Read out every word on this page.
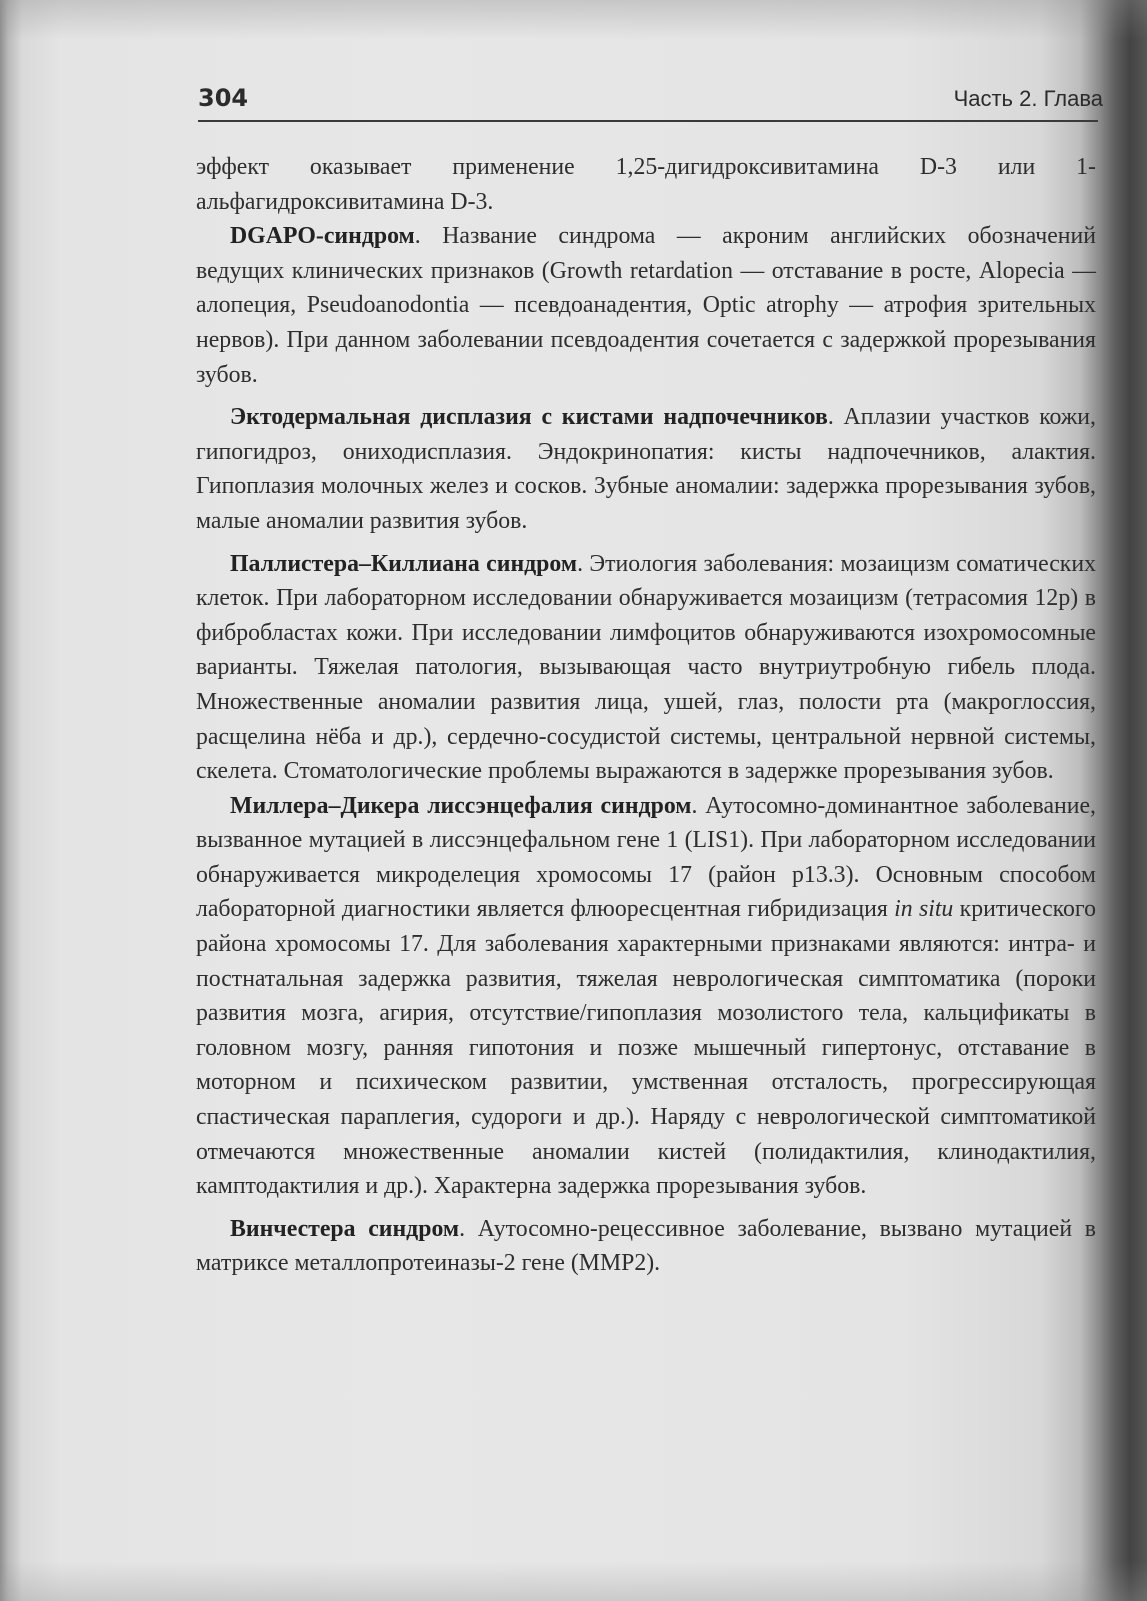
304	Часть 2. Глава

эффект оказывает применение 1,25-дигидроксивитамина D-3 или 1-альфагидроксивитамина D-3.

DGAPO-синдром. Название синдрома — акроним английских обозначений ведущих клинических признаков (Growth retardation — отставание в росте, Alopecia — алопеция, Pseudoanodontia — псевдоанадентия, Optic atrophy — атрофия зрительных нервов). При данном заболевании псевдоадентия сочетается с задержкой прорезывания зубов.

Эктодермальная дисплазия с кистами надпочечников. Аплазии участков кожи, гипогидроз, ониходисплазия. Эндокринопатия: кисты надпочечников, алактия. Гипоплазия молочных желез и сосков. Зубные аномалии: задержка прорезывания зубов, малые аномалии развития зубов.

Паллистера–Киллиана синдром. Этиология заболевания: мозаицизм соматических клеток. При лабораторном исследовании обнаруживается мозаицизм (тетрасомия 12р) в фибробластах кожи. При исследовании лимфоцитов обнаруживаются изохромосомные варианты. Тяжелая патология, вызывающая часто внутриутробную гибель плода. Множественные аномалии развития лица, ушей, глаз, полости рта (макроглоссия, расщелина нёба и др.), сердечно-сосудистой системы, центральной нервной системы, скелета. Стоматологические проблемы выражаются в задержке прорезывания зубов.

Миллера–Дикера лиссэнцефалия синдром. Аутосомно-доминантное заболевание, вызванное мутацией в лиссэнцефальном гене 1 (LIS1). При лабораторном исследовании обнаруживается микроделеция хромосомы 17 (район р13.3). Основным способом лабораторной диагностики является флюоресцентная гибридизация in situ критического района хромосомы 17. Для заболевания характерными признаками являются: интра- и постнатальная задержка развития, тяжелая неврологическая симптоматика (пороки развития мозга, агирия, отсутствие/гипоплазия мозолистого тела, кальцификаты в головном мозгу, ранняя гипотония и позже мышечный гипертонус, отставание в моторном и психическом развитии, умственная отсталость, прогрессирующая спастическая параплегия, судороги и др.). Наряду с неврологической симптоматикой отмечаются множественные аномалии кистей (полидактилия, клинодактилия, камптодактилия и др.). Характерна задержка прорезывания зубов.

Винчестера синдром. Аутосомно-рецессивное заболевание, вызвано мутацией в матриксе металлопротеиназы-2 гене (MMP2).
